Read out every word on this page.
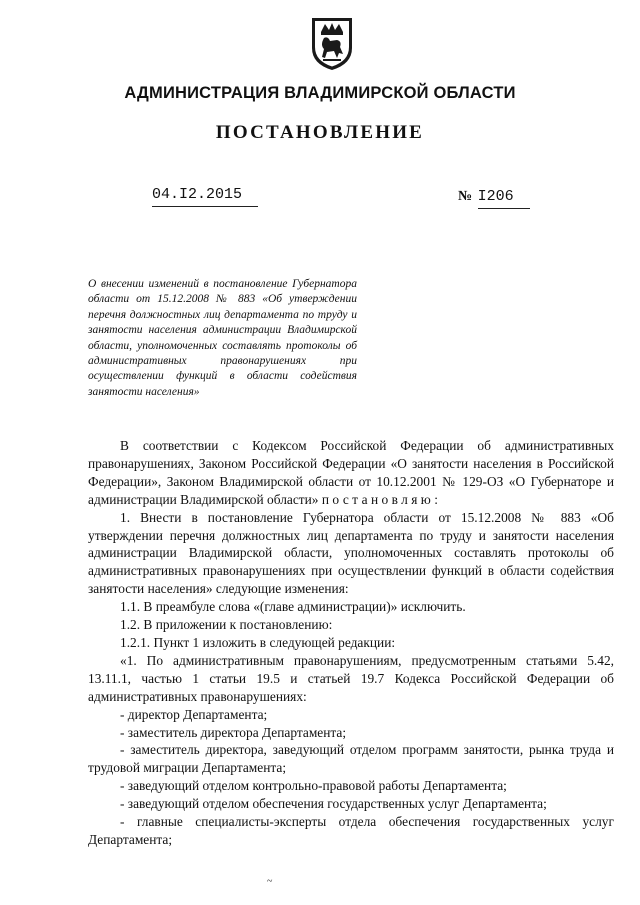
АДМИНИСТРАЦИЯ ВЛАДИМИРСКОЙ ОБЛАСТИ
ПОСТАНОВЛЕНИЕ
04.I2.2015	№ I206

О внесении изменений в постановление Губернатора области от 15.12.2008 № 883 «Об утверждении перечня должностных лиц департамента по труду и занятости населения администрации Владимирской области, уполномоченных составлять протоколы об административных правонарушениях при осуществлении функций в области содействия занятости населения»

В соответствии с Кодексом Российской Федерации об административных правонарушениях, Законом Российской Федерации «О занятости населения в Российской Федерации», Законом Владимирской области от 10.12.2001 № 129-ОЗ «О Губернаторе и администрации Владимирской области» постановляю:

1. Внести в постановление Губернатора области от 15.12.2008 № 883 «Об утверждении перечня должностных лиц департамента по труду и занятости населения администрации Владимирской области, уполномоченных составлять протоколы об административных правонарушениях при осуществлении функций в области содействия занятости населения» следующие изменения:

1.1. В преамбуле слова «(главе администрации)» исключить.

1.2. В приложении к постановлению:

1.2.1. Пункт 1 изложить в следующей редакции:

«1. По административным правонарушениям, предусмотренным статьями 5.42, 13.11.1, частью 1 статьи 19.5 и статьей 19.7 Кодекса Российской Федерации об административных правонарушениях:

- директор Департамента;

- заместитель директора Департамента;

- заместитель директора, заведующий отделом программ занятости, рынка труда и трудовой миграции Департамента;

- заведующий отделом контрольно-правовой работы Департамента;

- заведующий отделом обеспечения государственных услуг Департамента;

- главные специалисты-эксперты отдела обеспечения государственных услуг Департамента;

~
